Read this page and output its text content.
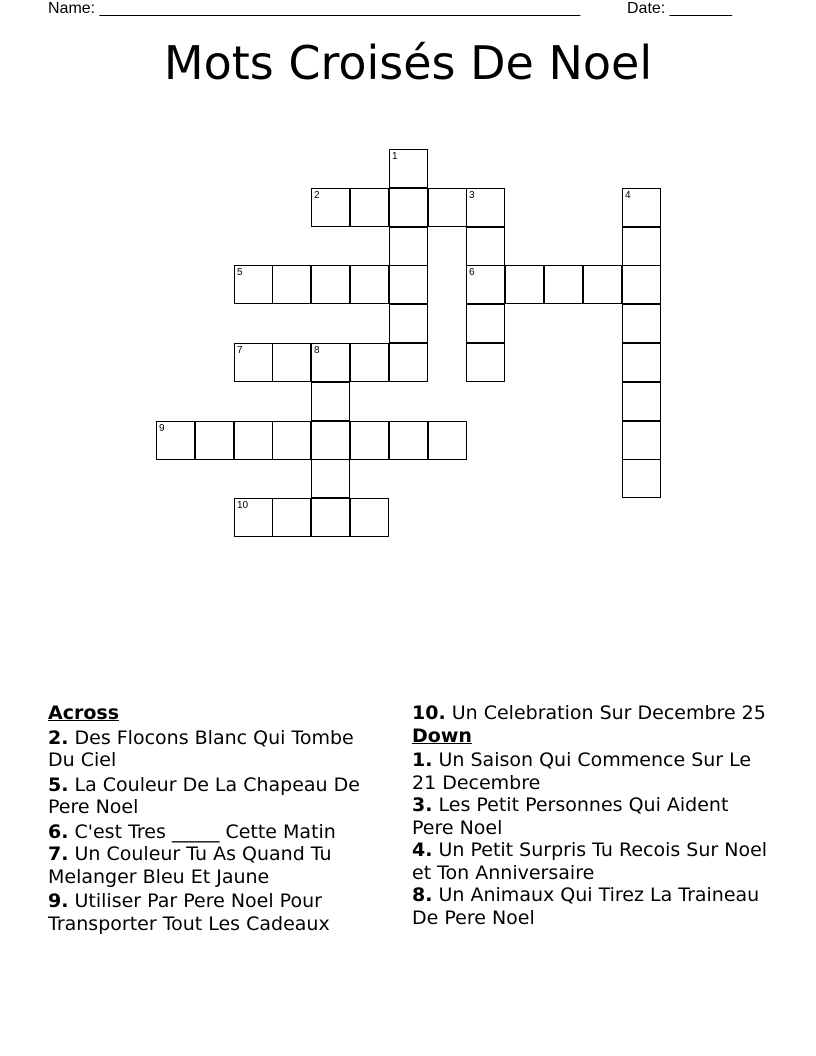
Name: ______________________________________________________	Date: _______
Mots Croisés De Noel
1
2	3
6
4
5
7	8
9
10
Across
2. Des Flocons Blanc Qui Tombe Du Ciel
5. La Couleur De La Chapeau De Pere Noel
6. C'est Tres _____ Cette Matin
7. Un Couleur Tu As Quand Tu Melanger Bleu Et Jaune
9. Utiliser Par Pere Noel Pour Transporter Tout Les Cadeaux
10. Un Celebration Sur Decembre 25
Down
1. Un Saison Qui Commence Sur Le 21 Decembre
3. Les Petit Personnes Qui Aident Pere Noel
4. Un Petit Surpris Tu Recois Sur Noel et Ton Anniversaire
8. Un Animaux Qui Tirez La Traineau De Pere Noel
